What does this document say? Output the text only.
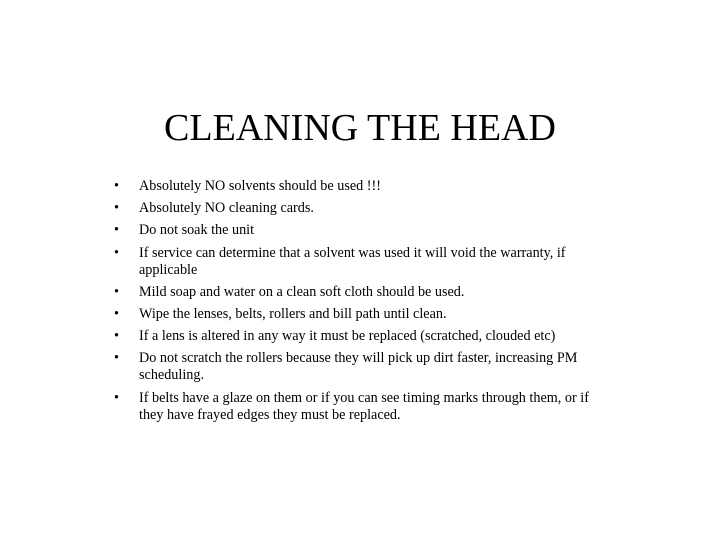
CLEANING THE HEAD
• Absolutely NO solvents should be used !!!
• Absolutely NO cleaning cards.
• Do not soak the unit
• If service can determine that a solvent was used it will void the warranty, if applicable
• Mild soap and water on a clean soft cloth should be used.
• Wipe the lenses, belts, rollers and bill path until clean.
• If a lens is altered in any way it must be replaced (scratched, clouded etc)
• Do not scratch the rollers because they will pick up dirt faster, increasing PM scheduling.
• If belts have a glaze on them or if you can see timing marks through them, or if they have frayed edges they must be replaced.
